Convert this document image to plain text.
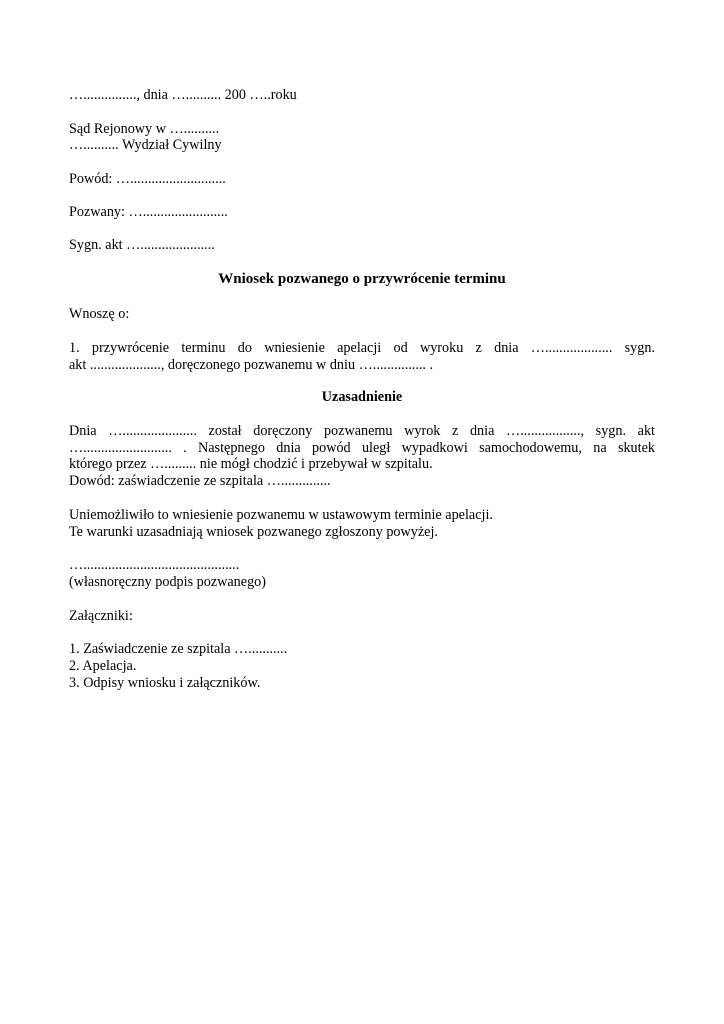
…..............., dnia ….......... 200 …..roku

Sąd Rejonowy w …..........

….......... Wydział Cywilny

Powód: …...........................

Pozwany: …........................

Sygn. akt ….....................

Wniosek pozwanego o przywrócenie terminu

Wnoszę o:

1. przywrócenie terminu do wniesienie apelacji od wyroku z dnia …................... sygn.
akt ...................., doręczonego pozwanemu w dniu …............... .

Uzasadnienie

Dnia …..................... został doręczony pozwanemu wyrok z dnia …................., sygn. akt
…......................... . Następnego dnia powód uległ wypadkowi samochodowemu, na skutek
którego przez …......... nie mógł chodzić i przebywał w szpitalu.

Dowód: zaświadczenie ze szpitala …..............

Uniemożliwiło to wniesienie pozwanemu w ustawowym terminie apelacji.

Te warunki uzasadniają wniosek pozwanego zgłoszony powyżej.

…............................................

(własnoręczny podpis pozwanego)

Załączniki:

1. Zaświadczenie ze szpitala …...........

2. Apelacja.

3. Odpisy wniosku i załączników.
